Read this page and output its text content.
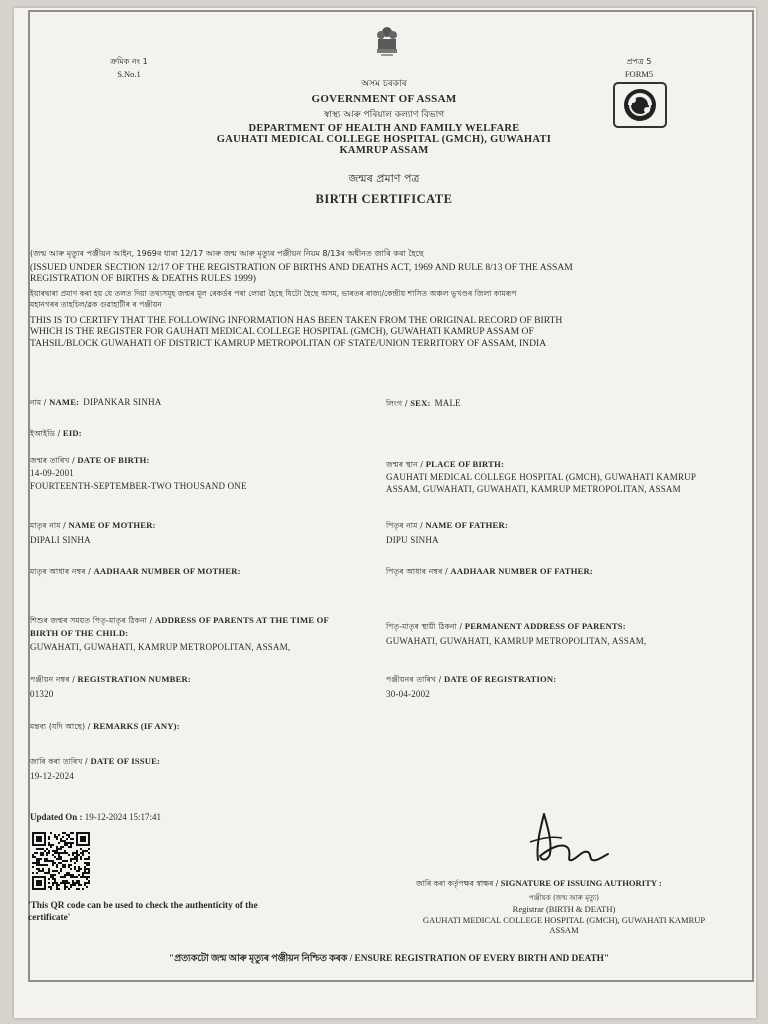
ক্ৰমিক নং 1
S.No.1
প্ৰপত্ৰ 5
FORM5
অসম চৰকাৰ
GOVERNMENT OF ASSAM
স্বাস্থ্য আৰু পৰিয়াল কল্যাণ বিভাগ
DEPARTMENT OF HEALTH AND FAMILY WELFARE
GAUHATI MEDICAL COLLEGE HOSPITAL (GMCH), GUWAHATI
KAMRUP ASSAM
জন্মৰ প্ৰমাণ পত্ৰ
BIRTH CERTIFICATE
(জন্ম আৰু মৃত্যুৰ পঞ্জীয়ন আইন, 1969ৰ ধাৰা 12/17 আৰু জন্ম আৰু মৃত্যুৰ পঞ্জীয়ন নিয়ম 8/13ৰ অধীনত জাৰি কৰা হৈছে
(ISSUED UNDER SECTION 12/17 OF THE REGISTRATION OF BIRTHS AND DEATHS ACT, 1969 AND RULE 8/13 OF THE ASSAM
REGISTRATION OF BIRTHS & DEATHS RULES 1999)
ইয়াৰদ্বাৰা প্ৰমাণ কৰা হয় যে তলত দিয়া তথ্যসমূহ জন্মৰ মূল ৰেকৰ্ডৰ পৰা লোৱা হৈছে যিটো হৈছে অসম, ভাৰতৰ ৰাজ্য/কেন্দ্ৰীয় শাসিত অঞ্চল ভুখণ্ডৰ জিলা কামৰূপ
মহানগৰৰ তাহচিল/ব্লক গুৱাহাটীৰ ৰ পঞ্জীয়ন
THIS IS TO CERTIFY THAT THE FOLLOWING INFORMATION HAS BEEN TAKEN FROM THE ORIGINAL RECORD OF BIRTH
WHICH IS THE REGISTER FOR GAUHATI MEDICAL COLLEGE HOSPITAL (GMCH), GUWAHATI KAMRUP ASSAM OF
TAHSIL/BLOCK GUWAHATI OF DISTRICT KAMRUP METROPOLITAN OF STATE/UNION TERRITORY OF ASSAM, INDIA
নাম / NAME: DIPANKAR SINHA	লিংগ / SEX: MALE
ইআইডি / EID:
জন্মৰ তাৰিখ / DATE OF BIRTH:
14-09-2001
FOURTEENTH-SEPTEMBER-TWO THOUSAND ONE
জন্মৰ স্থান / PLACE OF BIRTH:
GAUHATI MEDICAL COLLEGE HOSPITAL (GMCH), GUWAHATI KAMRUP
ASSAM, GUWAHATI, GUWAHATI, KAMRUP METROPOLITAN, ASSAM
মাতৃৰ নাম / NAME OF MOTHER:
DIPALI SINHA
পিতৃৰ নাম / NAME OF FATHER:
DIPU SINHA
মাতৃৰ আধাৰ নম্বৰ / AADHAAR NUMBER OF MOTHER:	পিতৃৰ আধাৰ নম্বৰ / AADHAAR NUMBER OF FATHER:
শিশুৰ জন্মৰ সময়ত পিতৃ-মাতৃৰ ঠিকনা / ADDRESS OF PARENTS AT THE TIME OF
BIRTH OF THE CHILD:
GUWAHATI, GUWAHATI, KAMRUP METROPOLITAN, ASSAM,
পিতৃ-মাতৃৰ স্থায়ী ঠিকনা / PERMANENT ADDRESS OF PARENTS:
GUWAHATI, GUWAHATI, KAMRUP METROPOLITAN, ASSAM,
পঞ্জীয়ন নম্বৰ / REGISTRATION NUMBER:
01320
পঞ্জীয়নৰ তাৰিখ / DATE OF REGISTRATION:
30-04-2002
মন্তব্য (যদি আছে) / REMARKS (IF ANY):
জাৰি কৰা তাৰিখ / DATE OF ISSUE:
19-12-2024
Updated On : 19-12-2024 15:17:41
'This QR code can be used to check the authenticity of the
certificate'
জাৰি কৰা কৰ্তৃপক্ষৰ স্বাক্ষৰ / SIGNATURE OF ISSUING AUTHORITY :
পঞ্জীয়ক (জন্ম আৰু মৃত্যু)
Registrar (BIRTH & DEATH)
GAUHATI MEDICAL COLLEGE HOSPITAL (GMCH), GUWAHATI KAMRUP
ASSAM
"প্ৰত্যকটো জন্ম আৰু মৃত্যুৰ পঞ্জীয়ন নিশ্চিত কৰক / ENSURE REGISTRATION OF EVERY BIRTH AND DEATH"
